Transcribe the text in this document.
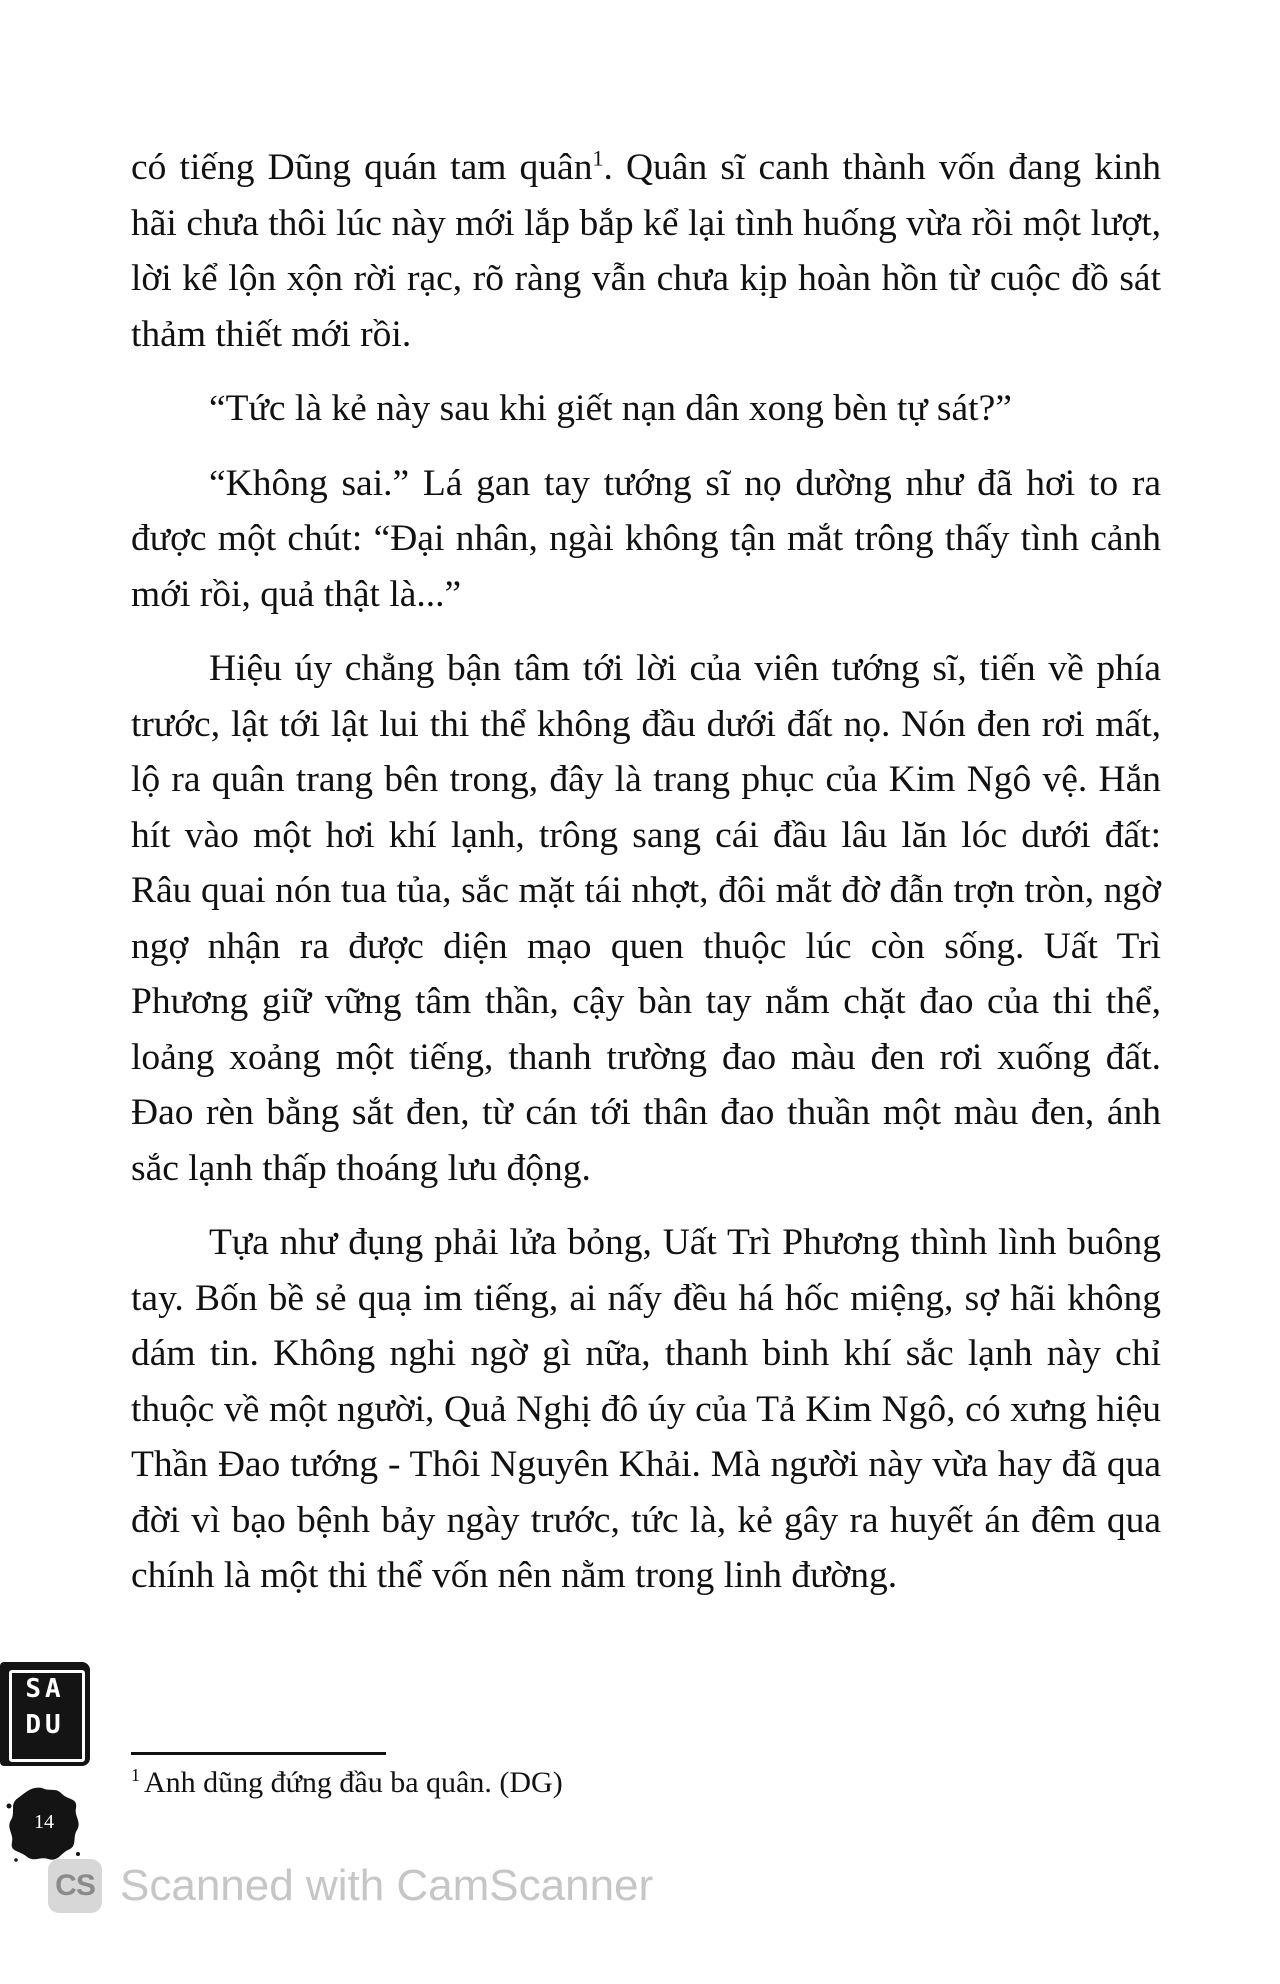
có tiếng Dũng quán tam quân$^1$. Quân sĩ canh thành vốn đang kinh hãi chưa thôi lúc này mới lắp bắp kể lại tình huống vừa rồi một lượt, lời kể lộn xộn rời rạc, rõ ràng vẫn chưa kịp hoàn hồn từ cuộc đồ sát thảm thiết mới rồi.

“Tức là kẻ này sau khi giết nạn dân xong bèn tự sát?”

“Không sai.” Lá gan tay tướng sĩ nọ dường như đã hơi to ra được một chút: “Đại nhân, ngài không tận mắt trông thấy tình cảnh mới rồi, quả thật là...”

Hiệu úy chẳng bận tâm tới lời của viên tướng sĩ, tiến về phía trước, lật tới lật lui thi thể không đầu dưới đất nọ. Nón đen rơi mất, lộ ra quân trang bên trong, đây là trang phục của Kim Ngô vệ. Hắn hít vào một hơi khí lạnh, trông sang cái đầu lâu lăn lóc dưới đất: Râu quai nón tua tủa, sắc mặt tái nhợt, đôi mắt đờ đẫn trợn tròn, ngờ ngợ nhận ra được diện mạo quen thuộc lúc còn sống. Uất Trì Phương giữ vững tâm thần, cậy bàn tay nắm chặt đao của thi thể, loảng xoảng một tiếng, thanh trường đao màu đen rơi xuống đất. Đao rèn bằng sắt đen, từ cán tới thân đao thuần một màu đen, ánh sắc lạnh thấp thoáng lưu động.

Tựa như đụng phải lửa bỏng, Uất Trì Phương thình lình buông tay. Bốn bề sẻ quạ im tiếng, ai nấy đều há hốc miệng, sợ hãi không dám tin. Không nghi ngờ gì nữa, thanh binh khí sắc lạnh này chỉ thuộc về một người, Quả Nghị đô úy của Tả Kim Ngô, có xưng hiệu Thần Đao tướng - Thôi Nguyên Khải. Mà người này vừa hay đã qua đời vì bạo bệnh bảy ngày trước, tức là, kẻ gây ra huyết án đêm qua chính là một thi thể vốn nên nằm trong linh đường.

$^1$ Anh dũng đứng đầu ba quân. (DG)
SA
DU
14
CS Scanned with CamScanner
